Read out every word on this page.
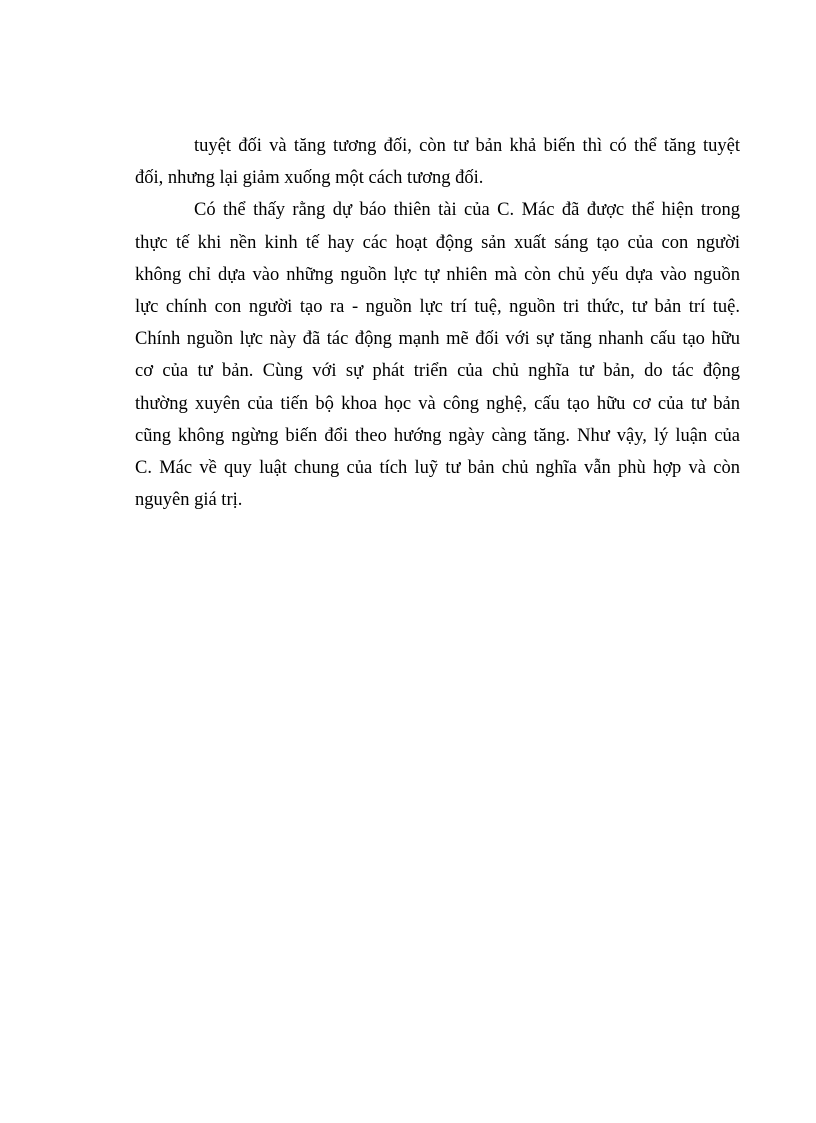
tuyệt đối và tăng tương đối, còn tư bản khả biến thì có thể tăng tuyệt
đối, nhưng lại giảm xuống một cách tương đối.
Có thể thấy rằng dự báo thiên tài của C. Mác đã được thể hiện trong
thực tế khi nền kinh tế hay các hoạt động sản xuất sáng tạo của con người
không chỉ dựa vào những nguồn lực tự nhiên mà còn chủ yếu dựa vào nguồn
lực chính con người tạo ra - nguồn lực trí tuệ, nguồn tri thức, tư bản trí tuệ.
Chính nguồn lực này đã tác động mạnh mẽ đối với sự tăng nhanh cấu tạo hữu
cơ của tư bản. Cùng với sự phát triển của chủ nghĩa tư bản, do tác động
thường xuyên của tiến bộ khoa học và công nghệ, cấu tạo hữu cơ của tư bản
cũng không ngừng biến đổi theo hướng ngày càng tăng. Như vậy, lý luận của
C. Mác về quy luật chung của tích luỹ tư bản chủ nghĩa vẫn phù hợp và còn
nguyên giá trị.
